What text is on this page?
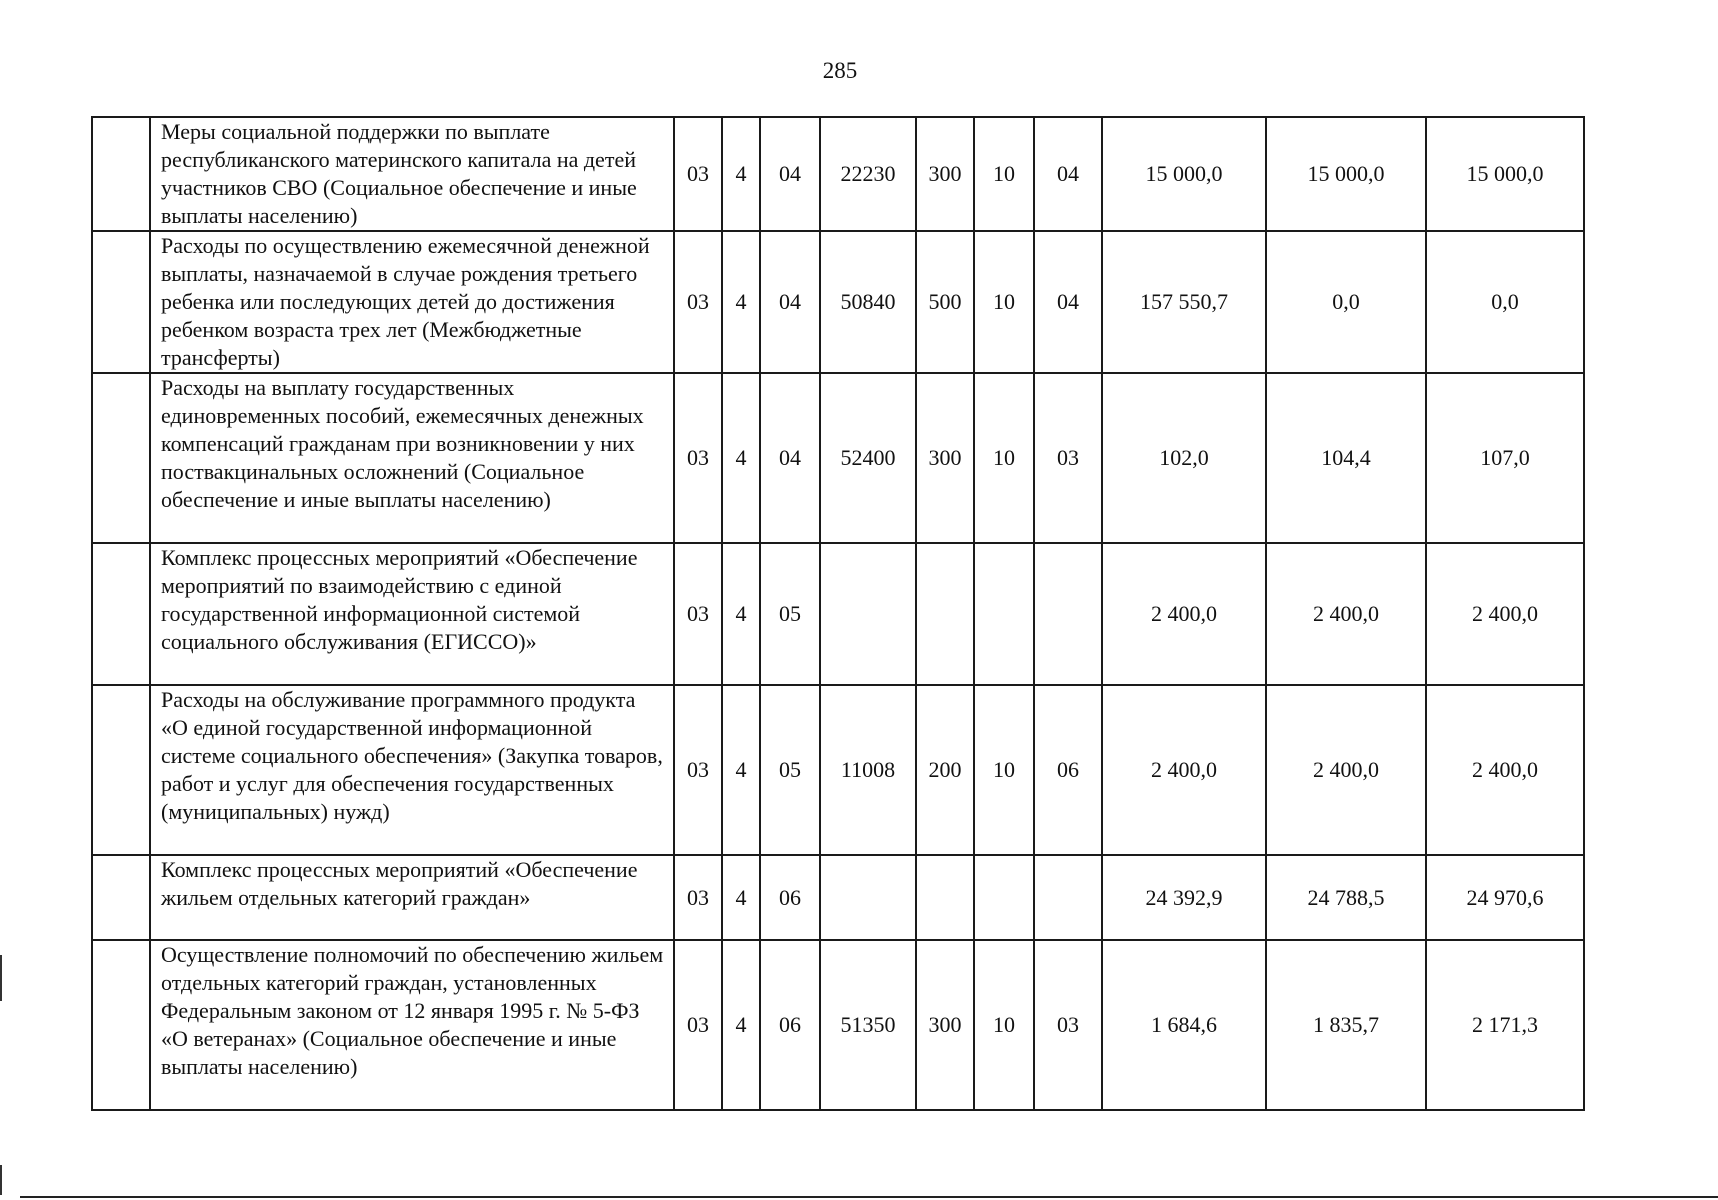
285
	Меры социальной поддержки по выплате республиканского материнского капитала на детей участников СВО (Социальное обеспечение и иные выплаты населению)	03	4	04	22230	300	10	04	15 000,0	15 000,0	15 000,0
	Расходы по осуществлению ежемесячной денежной выплаты, назначаемой в случае рождения третьего ребенка или последующих детей до достижения ребенком возраста трех лет (Межбюджетные трансферты)	03	4	04	50840	500	10	04	157 550,7	0,0	0,0
	Расходы на выплату государственных единовременных пособий, ежемесячных денежных компенсаций гражданам при возникновении у них поствакцинальных осложнений (Социальное обеспечение и иные выплаты населению)	03	4	04	52400	300	10	03	102,0	104,4	107,0
	Комплекс процессных мероприятий «Обеспечение мероприятий по взаимодействию с единой государственной информационной системой социального обслуживания (ЕГИССО)»	03	4	05					2 400,0	2 400,0	2 400,0
	Расходы на обслуживание программного продукта «О единой государственной информационной системе социального обеспечения» (Закупка товаров, работ и услуг для обеспечения государственных (муниципальных) нужд)	03	4	05	11008	200	10	06	2 400,0	2 400,0	2 400,0
	Комплекс процессных мероприятий «Обеспечение жильем отдельных категорий граждан»	03	4	06					24 392,9	24 788,5	24 970,6
	Осуществление полномочий по обеспечению жильем отдельных категорий граждан, установленных Федеральным законом от 12 января 1995 г. № 5-ФЗ «О ветеранах» (Социальное обеспечение и иные выплаты населению)	03	4	06	51350	300	10	03	1 684,6	1 835,7	2 171,3
